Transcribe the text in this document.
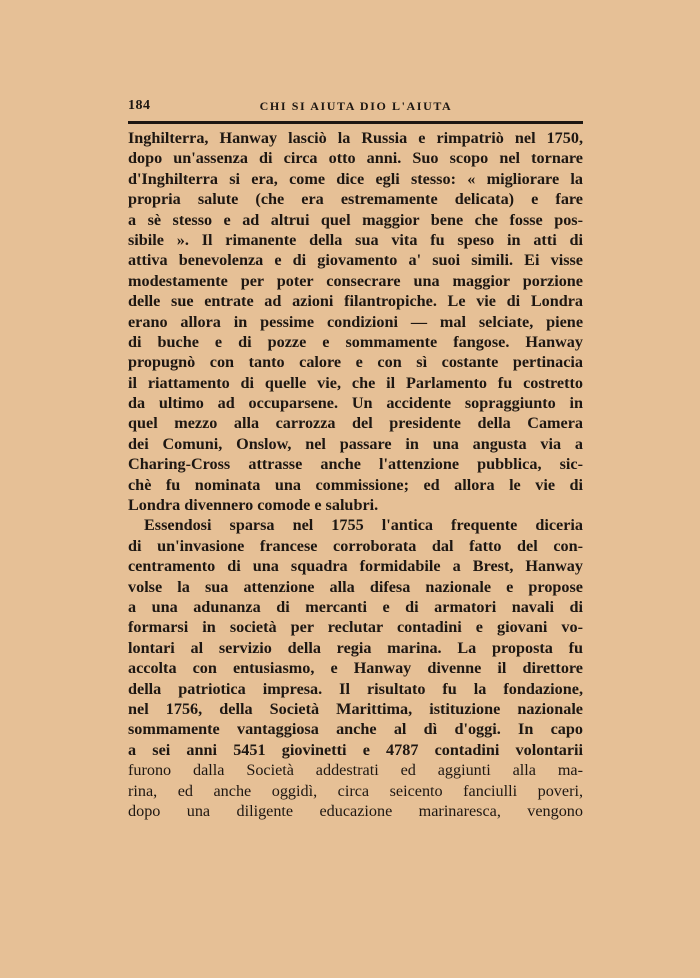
184	CHI SI AIUTA DIO L'AIUTA
Inghilterra, Hanway lasciò la Russia e rimpatriò nel 1750,
dopo un'assenza di circa otto anni. Suo scopo nel tornare
d'Inghilterra si era, come dice egli stesso: « migliorare la
propria salute (che era estremamente delicata) e fare
a sè stesso e ad altrui quel maggior bene che fosse pos-
sibile ». Il rimanente della sua vita fu speso in atti di
attiva benevolenza e di giovamento a' suoi simili. Ei visse
modestamente per poter consecrare una maggior porzione
delle sue entrate ad azioni filantropiche. Le vie di Londra
erano allora in pessime condizioni — mal selciate, piene
di buche e di pozze e sommamente fangose. Hanway
propugnò con tanto calore e con sì costante pertinacia
il riattamento di quelle vie, che il Parlamento fu costretto
da ultimo ad occuparsene. Un accidente sopraggiunto in
quel mezzo alla carrozza del presidente della Camera
dei Comuni, Onslow, nel passare in una angusta via a
Charing-Cross attrasse anche l'attenzione pubblica, sic-
chè fu nominata una commissione; ed allora le vie di
Londra divennero comode e salubri.
Essendosi sparsa nel 1755 l'antica frequente diceria
di un'invasione francese corroborata dal fatto del con-
centramento di una squadra formidabile a Brest, Hanway
volse la sua attenzione alla difesa nazionale e propose
a una adunanza di mercanti e di armatori navali di
formarsi in società per reclutar contadini e giovani vo-
lontari al servizio della regia marina. La proposta fu
accolta con entusiasmo, e Hanway divenne il direttore
della patriotica impresa. Il risultato fu la fondazione,
nel 1756, della Società Marittima, istituzione nazionale
sommamente vantaggiosa anche al dì d'oggi. In capo
a sei anni 5451 giovinetti e 4787 contadini volontarii
furono dalla Società addestrati ed aggiunti alla ma-
rina, ed anche oggidì, circa seicento fanciulli poveri,
dopo una diligente educazione marinaresca, vengono
